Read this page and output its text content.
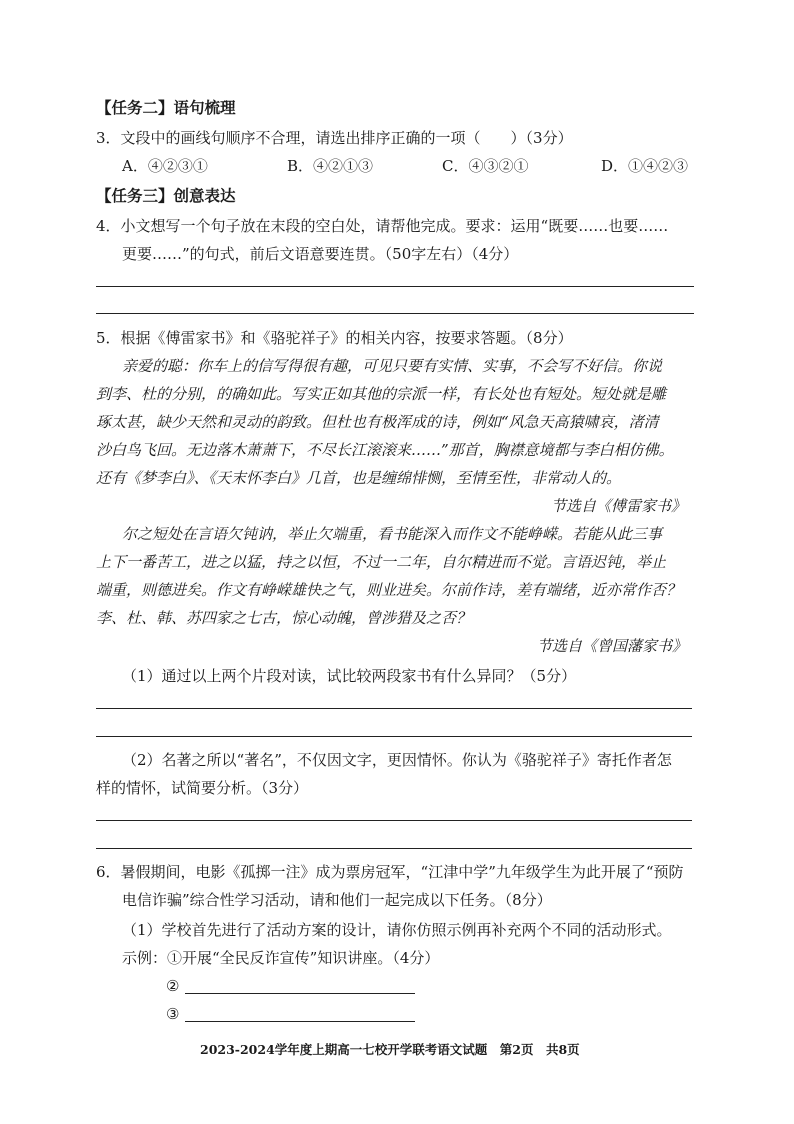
【任务二】语句梳理
3．文段中的画线句顺序不合理，请选出排序正确的一项（　　）（3分）
A．④②③①	B．④②①③	C．④③②①	D．①④②③
【任务三】创意表达
4．小文想写一个句子放在末段的空白处，请帮他完成。要求：运用“既要……也要……
更要……”的句式，前后文语意要连贯。（50字左右）（4分）
5．根据《傅雷家书》和《骆驼祥子》的相关内容，按要求答题。（8分）
亲爱的聪：你车上的信写得很有趣，可见只要有实情、实事，不会写不好信。你说
到李、杜的分别，的确如此。写实正如其他的宗派一样，有长处也有短处。短处就是雕
琢太甚，缺少天然和灵动的韵致。但杜也有极浑成的诗，例如“风急天高猿啸哀，渚清
沙白鸟飞回。无边落木萧萧下，不尽长江滚滚来……”那首，胸襟意境都与李白相仿佛。
还有《梦李白》、《天末怀李白》几首，也是缠绵悱恻，至情至性，非常动人的。
节选自《傅雷家书》
尔之短处在言语欠钝讷，举止欠端重，看书能深入而作文不能峥嵘。若能从此三事
上下一番苦工，进之以猛，持之以恒，不过一二年，自尔精进而不觉。言语迟钝，举止
端重，则德进矣。作文有峥嵘雄快之气，则业进矣。尔前作诗，差有端绪，近亦常作否？
李、杜、韩、苏四家之七古，惊心动魄，曾涉猎及之否？
节选自《曾国藩家书》
（1）通过以上两个片段对读，试比较两段家书有什么异同？（5分）
（2）名著之所以“著名”，不仅因文字，更因情怀。你认为《骆驼祥子》寄托作者怎
样的情怀，试简要分析。（3分）
6．暑假期间，电影《孤掷一注》成为票房冠军，“江津中学”九年级学生为此开展了“预防
电信诈骗”综合性学习活动，请和他们一起完成以下任务。（8分）
（1）学校首先进行了活动方案的设计，请你仿照示例再补充两个不同的活动形式。
示例：①开展“全民反诈宣传”知识讲座。（4分）
②
③
2023-2024学年度上期高一七校开学联考语文试题　第2页　共8页
